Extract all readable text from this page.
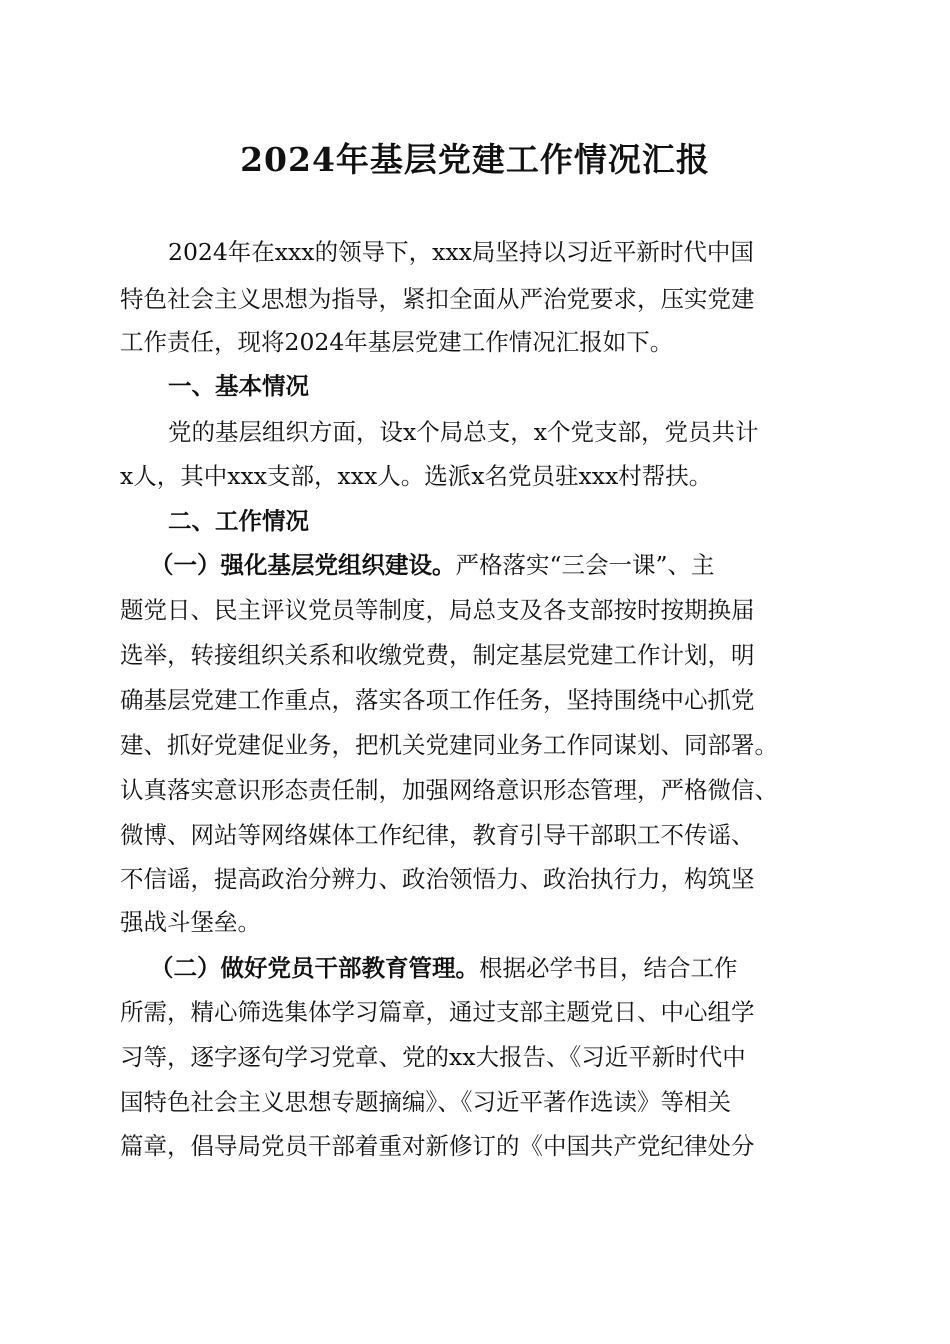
2024年基层党建工作情况汇报
2024年在xxx的领导下，xxx局坚持以习近平新时代中国
特色社会主义思想为指导，紧扣全面从严治党要求，压实党建
工作责任，现将2024年基层党建工作情况汇报如下。
一、基本情况
党的基层组织方面，设x个局总支，x个党支部，党员共计
x人，其中xxx支部，xxx人。选派x名党员驻xxx村帮扶。
二、工作情况
（一）强化基层党组织建设。严格落实“三会一课”、主
题党日、民主评议党员等制度，局总支及各支部按时按期换届
选举，转接组织关系和收缴党费，制定基层党建工作计划，明
确基层党建工作重点，落实各项工作任务，坚持围绕中心抓党
建、抓好党建促业务，把机关党建同业务工作同谋划、同部署。
认真落实意识形态责任制，加强网络意识形态管理，严格微信、
微博、网站等网络媒体工作纪律，教育引导干部职工不传谣、
不信谣，提高政治分辨力、政治领悟力、政治执行力，构筑坚
强战斗堡垒。
（二）做好党员干部教育管理。根据必学书目，结合工作
所需，精心筛选集体学习篇章，通过支部主题党日、中心组学
习等，逐字逐句学习党章、党的xx大报告、《习近平新时代中
国特色社会主义思想专题摘编》、《习近平著作选读》等相关
篇章，倡导局党员干部着重对新修订的《中国共产党纪律处分
